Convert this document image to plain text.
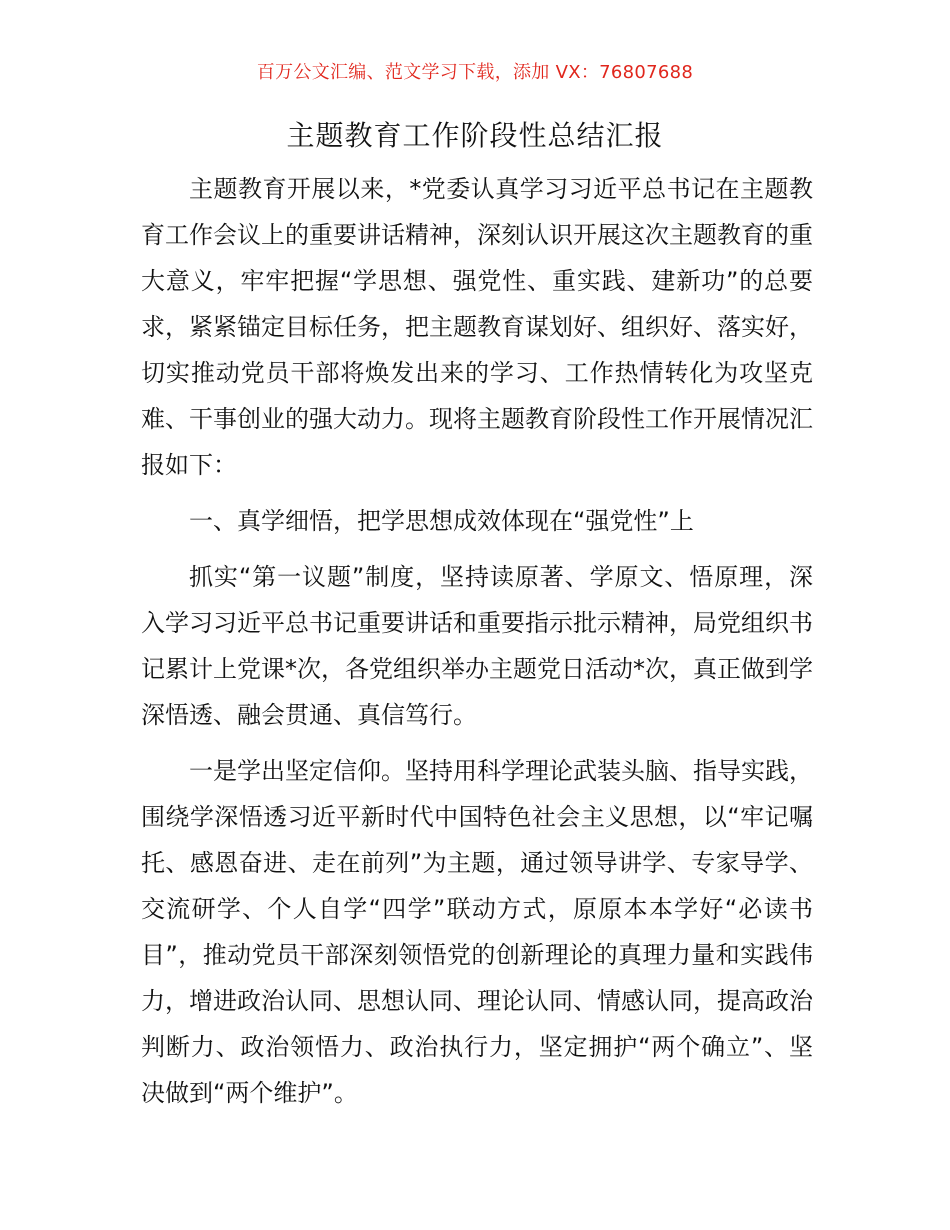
百万公文汇编、范文学习下载，添加 VX：76807688
主题教育工作阶段性总结汇报

主题教育开展以来，*党委认真学习习近平总书记在主题教育工作会议上的重要讲话精神，深刻认识开展这次主题教育的重大意义，牢牢把握“学思想、强党性、重实践、建新功”的总要求，紧紧锚定目标任务，把主题教育谋划好、组织好、落实好，切实推动党员干部将焕发出来的学习、工作热情转化为攻坚克难、干事创业的强大动力。现将主题教育阶段性工作开展情况汇报如下：

一、真学细悟，把学思想成效体现在“强党性”上

抓实“第一议题”制度，坚持读原著、学原文、悟原理，深入学习习近平总书记重要讲话和重要指示批示精神，局党组织书记累计上党课*次，各党组织举办主题党日活动*次，真正做到学深悟透、融会贯通、真信笃行。

一是学出坚定信仰。坚持用科学理论武装头脑、指导实践，围绕学深悟透习近平新时代中国特色社会主义思想，以“牢记嘱托、感恩奋进、走在前列”为主题，通过领导讲学、专家导学、交流研学、个人自学“四学”联动方式，原原本本学好“必读书目”，推动党员干部深刻领悟党的创新理论的真理力量和实践伟力，增进政治认同、思想认同、理论认同、情感认同，提高政治判断力、政治领悟力、政治执行力，坚定拥护“两个确立”、坚决做到“两个维护”。
